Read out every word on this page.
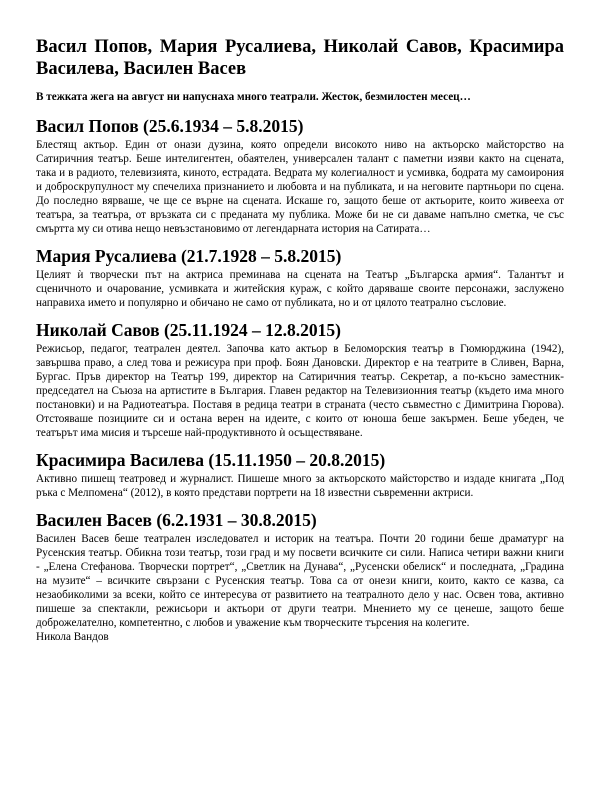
Васил Попов, Мария Русалиева, Николай Савов, Красимира Василева, Василен Васев
В тежката жега на август ни напуснаха много театрали. Жесток, безмилостен месец…
Васил Попов (25.6.1934 – 5.8.2015)

Блестящ актьор. Един от онази дузина, която определи високото ниво на актьорско майсторство на Сатиричния театър. Беше интелигентен, обаятелен, универсален талант с паметни изяви както на сцената, така и в радиото, телевизията, киното, естрадата. Ведрата му колегиалност и усмивка, бодрата му самоирония и доброскрупулност му спечелиха признанието и любовта и на публиката, и на неговите партньори по сцена. До последно вярваше, че ще се върне на сцената. Искаше го, защото беше от актьорите, които живееха от театъра, за театъра, от връзката си с преданата му публика. Може би не си даваме напълно сметка, че със смъртта му си отива нещо невъзстановимо от легендарната история на Сатирата…

Мария Русалиева (21.7.1928 – 5.8.2015)

Целият ѝ творчески път на актриса преминава на сцената на Театър „Българска армия“. Талантът и сценичното и очарование, усмивката и житейския кураж, с който даряваше своите персонажи, заслужено направиха името и популярно и обичано не само от публиката, но и от цялото театрално съсловие.

Николай Савов (25.11.1924 – 12.8.2015)

Режисьор, педагог, театрален деятел. Започва като актьор в Беломорския театър в Гюмюрджина (1942), завършва право, а след това и режисура при проф. Боян Дановски. Директор е на театрите в Сливен, Варна, Бургас. Пръв директор на Театър 199, директор на Сатиричния театър. Секретар, а по-късно заместник-председател на Съюза на артистите в България. Главен редактор на Телевизионния театър (където има много постановки) и на Радиотеатъра. Поставя в редица театри в страната (често съвместно с Димитрина Гюрова). Отстояваше позициите си и остана верен на идеите, с които от юноша беше закърмен. Беше убеден, че театърът има мисия и търсеше най-продуктивното ѝ осъществяване.

Красимира Василева (15.11.1950 – 20.8.2015)

Активно пишещ театровед и журналист. Пишеше много за актьорското майсторство и издаде книгата „Под ръка с Мелпомена“ (2012), в която представи портрети на 18 известни съвременни актриси.

Василен Васев (6.2.1931 – 30.8.2015)

Василен Васев беше театрален изследовател и историк на театъра. Почти 20 години беше драматург на Русенския театър. Обикна този театър, този град и му посвети всичките си сили. Написа четири важни книги - „Елена Стефанова. Творчески портрет“, „Светлик на Дунава“, „Русенски обелиск“ и последната, „Градина на музите“ – всичките свързани с Русенския театър. Това са от онези книги, които, както се казва, са незаобиколими за всеки, който се интересува от развитието на театралното дело у нас. Освен това, активно пишеше за спектакли, режисьори и актьори от други театри. Мнението му се ценеше, защото беше доброжелателно, компетентно, с любов и уважение към творческите търсения на колегите.

Никола Вандов
